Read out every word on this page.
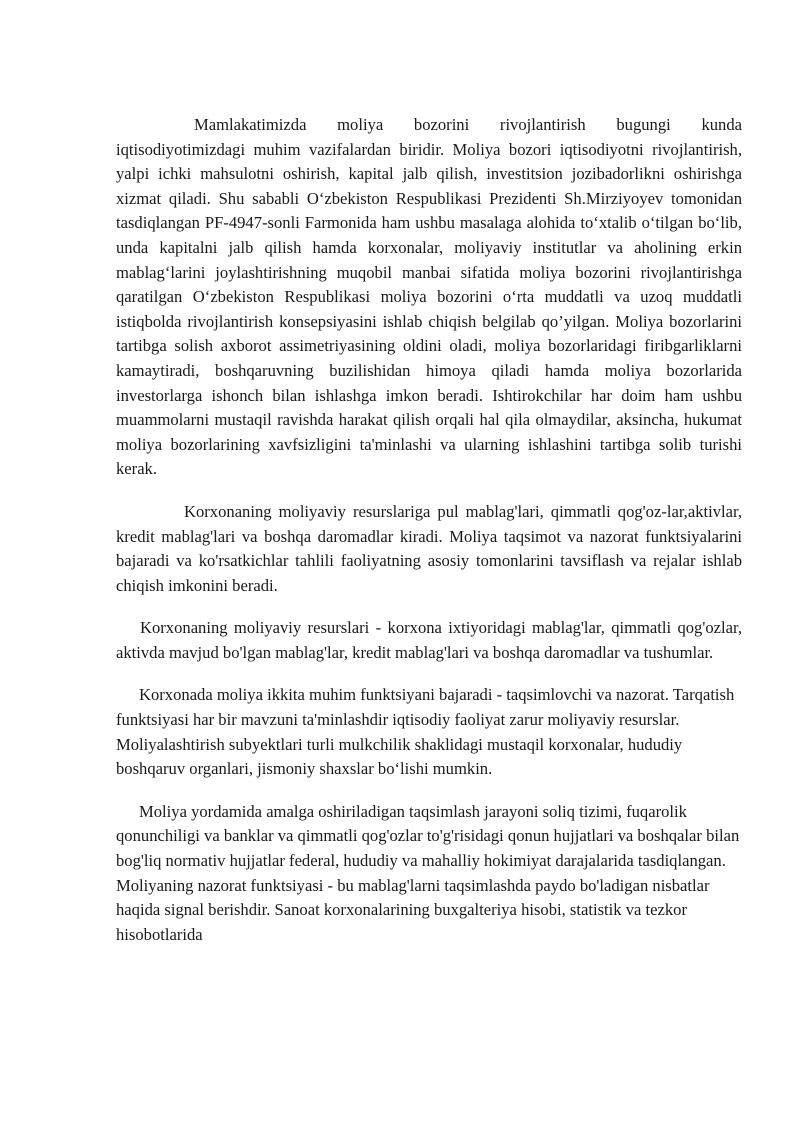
Mamlakatimizda moliya bozorini rivojlantirish bugungi kunda iqtisodiyotimizdagi muhim vazifalardan biridir. Moliya bozori iqtisodiyotni rivojlantirish, yalpi ichki mahsulotni oshirish, kapital jalb qilish, investitsion jozibadorlikni oshirishga xizmat qiladi. Shu sababli O‘zbekiston Respublikasi Prezidenti Sh.Mirziyoyev tomonidan tasdiqlangan PF-4947-sonli Farmonida ham ushbu masalaga alohida to‘xtalib o‘tilgan bo‘lib, unda kapitalni jalb qilish hamda korxonalar, moliyaviy institutlar va aholining erkin mablag‘larini joylashtirishning muqobil manbai sifatida moliya bozorini rivojlantirishga qaratilgan O‘zbekiston Respublikasi moliya bozorini o‘rta muddatli va uzoq muddatli istiqbolda rivojlantirish konsepsiyasini ishlab chiqish belgilab qo’yilgan. Moliya bozorlarini tartibga solish axborot assimetriyasining oldini oladi, moliya bozorlaridagi firibgarliklarni kamaytiradi, boshqaruvning buzilishidan himoya qiladi hamda moliya bozorlarida investorlarga ishonch bilan ishlashga imkon beradi. Ishtirokchilar har doim ham ushbu muammolarni mustaqil ravishda harakat qilish orqali hal qila olmaydilar, aksincha, hukumat moliya bozorlarining xavfsizligini ta'minlashi va ularning ishlashini tartibga solib turishi kerak.

Korxonaning moliyaviy resurslariga pul mablag'lari, qimmatli qog'oz-lar,aktivlar, kredit mablag'lari va boshqa daromadlar kiradi. Moliya taqsimot va nazorat funktsiyalarini bajaradi va ko'rsatkichlar tahlili faoliyatning asosiy tomonlarini tavsiflash va rejalar ishlab chiqish imkonini beradi.

Korxonaning moliyaviy resurslari - korxona ixtiyoridagi mablag'lar, qimmatli qog'ozlar, aktivda mavjud bo'lgan mablag'lar, kredit mablag'lari va boshqa daromadlar va tushumlar.

Korxonada moliya ikkita muhim funktsiyani bajaradi - taqsimlovchi va nazorat. Tarqatish funktsiyasi har bir mavzuni ta'minlashdir iqtisodiy faoliyat zarur moliyaviy resurslar. Moliyalashtirish subyektlari turli mulkchilik shaklidagi mustaqil korxonalar, hududiy boshqaruv organlari, jismoniy shaxslar bo‘lishi mumkin.

Moliya yordamida amalga oshiriladigan taqsimlash jarayoni soliq tizimi, fuqarolik qonunchiligi va banklar va qimmatli qog'ozlar to'g'risidagi qonun hujjatlari va boshqalar bilan bog'liq normativ hujjatlar federal, hududiy va mahalliy hokimiyat darajalarida tasdiqlangan. Moliyaning nazorat funktsiyasi - bu mablag'larni taqsimlashda paydo bo'ladigan nisbatlar haqida signal berishdir. Sanoat korxonalarining buxgalteriya hisobi, statistik va tezkor hisobotlarida
